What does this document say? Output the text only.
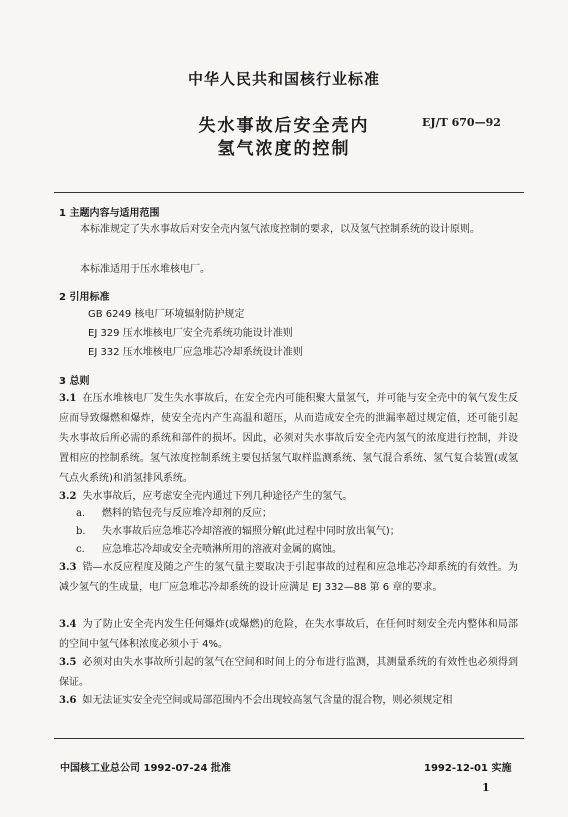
中华人民共和国核行业标准
失水事故后安全壳内
氢气浓度的控制
EJ/T 670—92
1 主题内容与适用范围
本标准规定了失水事故后对安全壳内氢气浓度控制的要求，以及氢气控制系统的设计原则。
本标准适用于压水堆核电厂。
2 引用标准
GB 6249 核电厂环境辐射防护规定
EJ 329 压水堆核电厂安全壳系统功能设计准则
EJ 332 压水堆核电厂应急堆芯冷却系统设计准则
3 总则
3.1 在压水堆核电厂发生失水事故后，在安全壳内可能积聚大量氢气，并可能与安全壳中的氧气发生反应而导致爆燃和爆炸，使安全壳内产生高温和超压，从而造成安全壳的泄漏率超过规定值，还可能引起失水事故后所必需的系统和部件的损坏。因此，必须对失水事故后安全壳内氢气的浓度进行控制，并设置相应的控制系统。氢气浓度控制系统主要包括氢气取样监测系统、氢气混合系统、氢气复合装置(或氢气点火系统)和消氢排风系统。
3.2 失水事故后，应考虑安全壳内通过下列几种途径产生的氢气。
a. 燃料的锆包壳与反应堆冷却剂的反应；
b. 失水事故后应急堆芯冷却溶液的辐照分解(此过程中同时放出氧气)；
c. 应急堆芯冷却或安全壳喷淋所用的溶液对金属的腐蚀。
3.3 锆—水反应程度及随之产生的氢气量主要取决于引起事故的过程和应急堆芯冷却系统的有效性。为减少氢气的生成量，电厂应急堆芯冷却系统的设计应满足 EJ 332—88 第 6 章的要求。
3.4 为了防止安全壳内发生任何爆炸(或爆燃)的危险，在失水事故后，在任何时刻安全壳内整体和局部的空间中氢气体积浓度必须小于 4%。
3.5 必须对由失水事故所引起的氢气在空间和时间上的分布进行监测，其测量系统的有效性也必须得到保证。
3.6 如无法证实安全壳空间或局部范围内不会出现较高氢气含量的混合物，则必须规定相
中国核工业总公司 1992-07-24 批准	1992-12-01 实施
1
